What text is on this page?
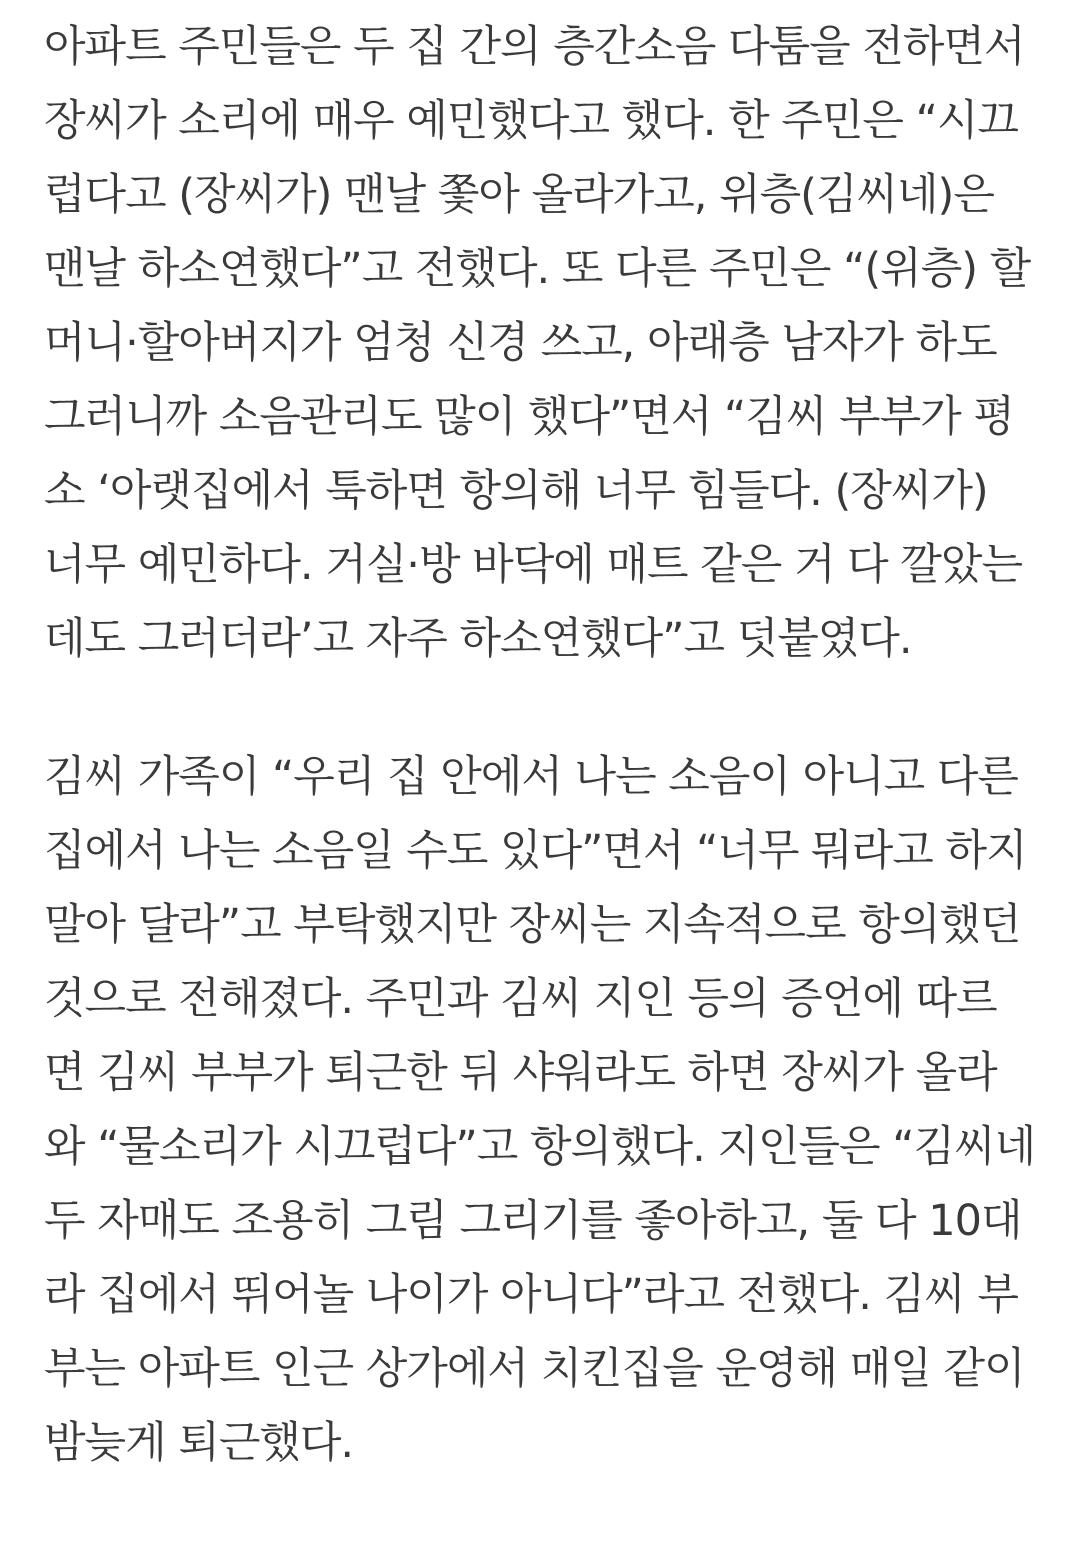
아파트 주민들은 두 집 간의 층간소음 다툼을 전하면서
장씨가 소리에 매우 예민했다고 했다. 한 주민은 “시끄
럽다고 (장씨가) 맨날 쫓아 올라가고, 위층(김씨네)은
맨날 하소연했다”고 전했다. 또 다른 주민은 “(위층) 할
머니·할아버지가 엄청 신경 쓰고, 아래층 남자가 하도
그러니까 소음관리도 많이 했다”면서 “김씨 부부가 평
소 ‘아랫집에서 툭하면 항의해 너무 힘들다. (장씨가)
너무 예민하다. 거실·방 바닥에 매트 같은 거 다 깔았는
데도 그러더라’고 자주 하소연했다”고 덧붙였다.
김씨 가족이 “우리 집 안에서 나는 소음이 아니고 다른
집에서 나는 소음일 수도 있다”면서 “너무 뭐라고 하지
말아 달라”고 부탁했지만 장씨는 지속적으로 항의했던
것으로 전해졌다. 주민과 김씨 지인 등의 증언에 따르
면 김씨 부부가 퇴근한 뒤 샤워라도 하면 장씨가 올라
와 “물소리가 시끄럽다”고 항의했다. 지인들은 “김씨네
두 자매도 조용히 그림 그리기를 좋아하고, 둘 다 10대
라 집에서 뛰어놀 나이가 아니다”라고 전했다. 김씨 부
부는 아파트 인근 상가에서 치킨집을 운영해 매일 같이
밤늦게 퇴근했다.
